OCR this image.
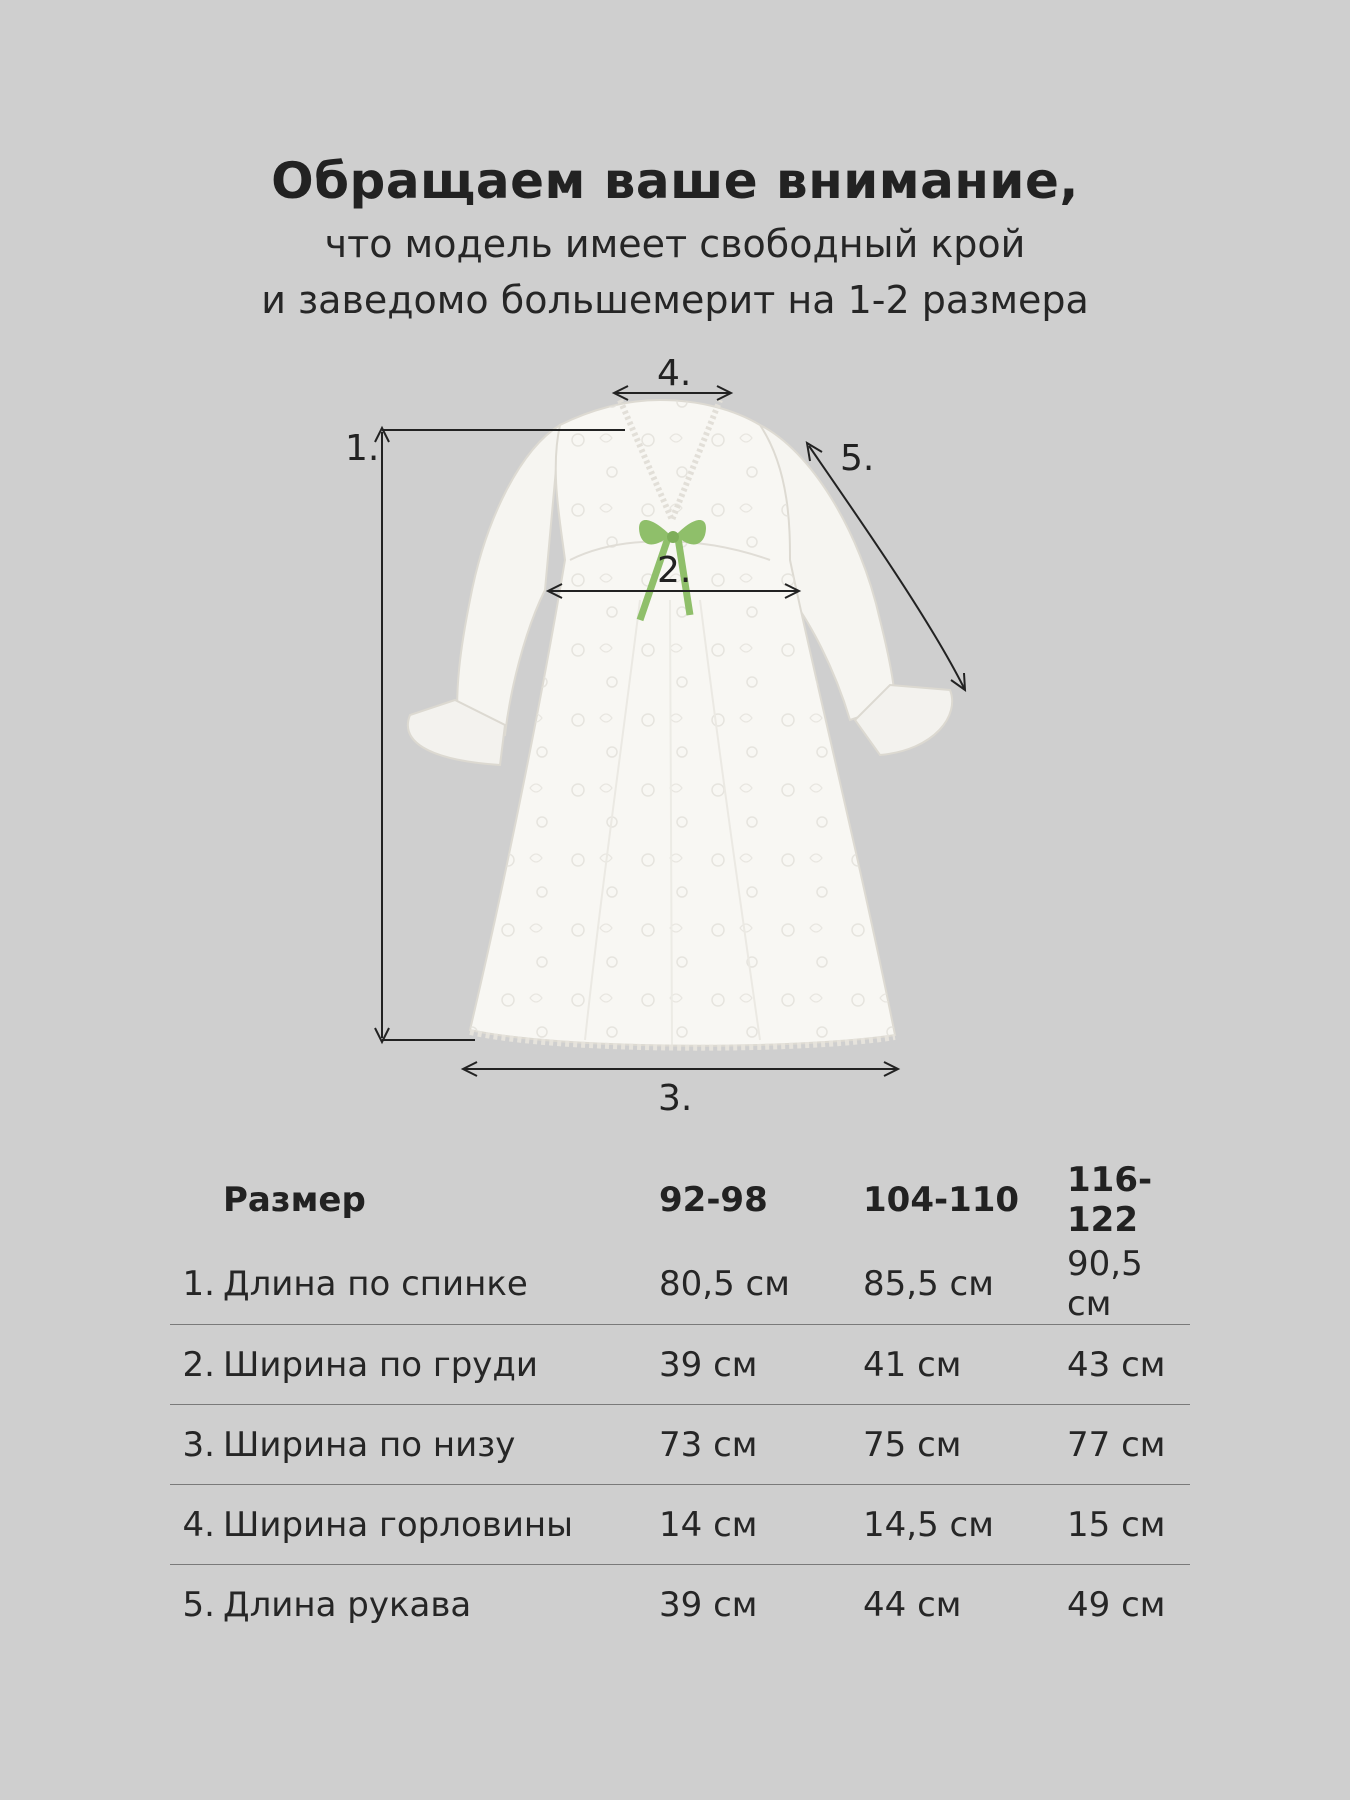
Обращаем ваше внимание,
что модель имеет свободный крой
и заведомо большемерит на 1-2 размера
1.
2.
3.
4.
5.
	Размер	92-98	104-110	116-122
1.	Длина по спинке	80,5 см	85,5 см	90,5 см
2.	Ширина по груди	39 см	41 см	43 см
3.	Ширина по низу	73 см	75 см	77 см
4.	Ширина горловины	14 см	14,5 см	15 см
5.	Длина рукава	39 см	44 см	49 см
